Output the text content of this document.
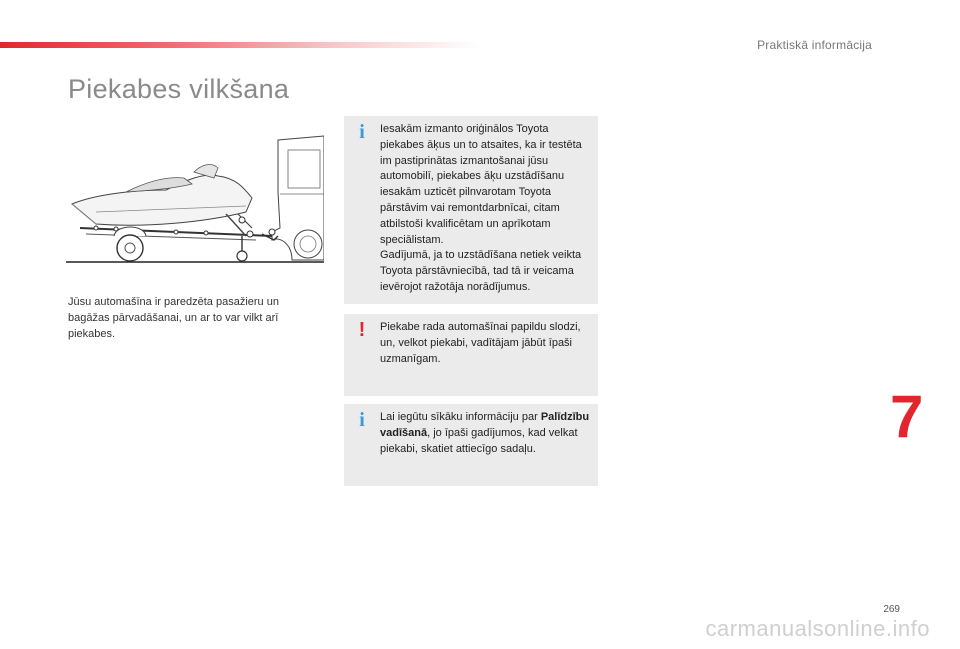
Praktiskā informācija
Piekabes vilkšana
Jūsu automašīna ir paredzēta pasažieru un bagāžas pārvadāšanai, un ar to var vilkt arī piekabes.
i Iesakām izmanto oriģinālos Toyota piekabes āķus un to atsaites, ka ir testēta im pastiprinātas izmantošanai jūsu automobilī, piekabes āķu uzstādīšanu iesakām uzticēt pilnvarotam Toyota pārstāvim vai remontdarbnīcai, citam atbilstoši kvalificētam un aprīkotam speciālistam.
Gadījumā, ja to uzstādīšana netiek veikta Toyota pārstāvniecībā, tad tā ir veicama ievērojot ražotāja norādījumus.
! Piekabe rada automašīnai papildu slodzi, un, velkot piekabi, vadītājam jābūt īpaši uzmanīgam.
i Lai iegūtu sīkāku informāciju par Palīdzību vadīšanā, jo īpaši gadījumos, kad velkat piekabi, skatiet attiecīgo sadaļu.	7
269
carmanualsonline.info
